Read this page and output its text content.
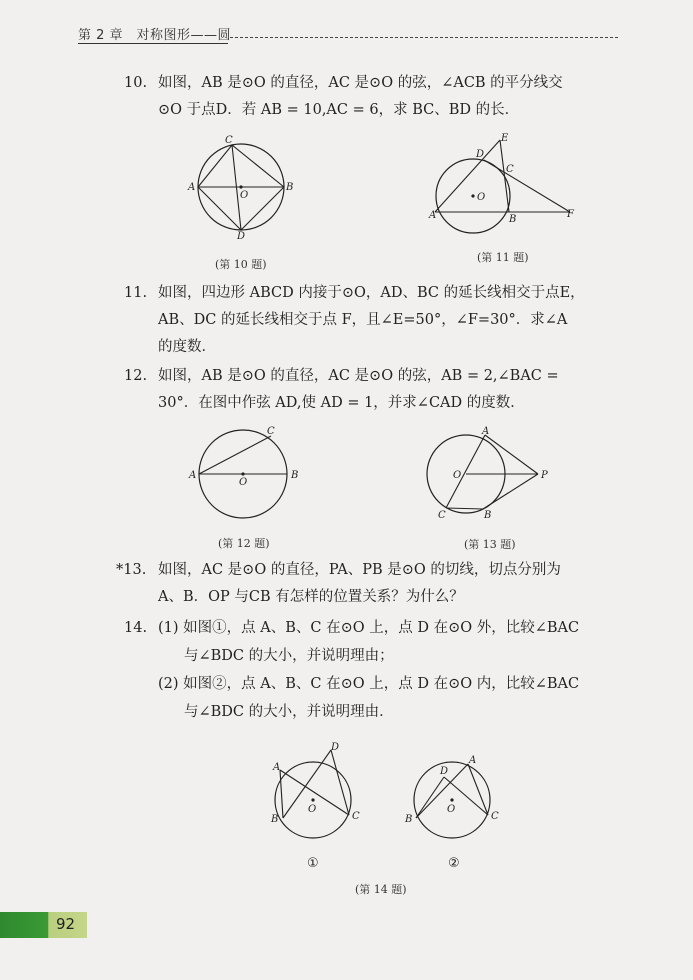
第 2 章　对称图形——圆
10. 如图，AB 是⊙O 的直径，AC 是⊙O 的弦，∠ACB 的平分线交
⊙O 于点D．若 AB = 10,AC = 6，求 BC、BD 的长．
C
A
O
B
D
(第 10 题)
E
D
C
O
A	B	F
(第 11 题)
11. 如图，四边形 ABCD 内接于⊙O，AD、BC 的延长线相交于点E，
AB、DC 的延长线相交于点 F，且∠E=50°，∠F=30°．求∠A
的度数．
12. 如图，AB 是⊙O 的直径，AC 是⊙O 的弦，AB = 2,∠BAC =
30°．在图中作弦 AD,使 AD = 1，并求∠CAD 的度数．
C
A
O
B
(第 12 题)
A
O	P
C	B
(第 13 题)
*13. 如图，AC 是⊙O 的直径，PA、PB 是⊙O 的切线，切点分别为
A、B．OP 与CB 有怎样的位置关系？为什么？
14. (1) 如图①，点 A、B、C 在⊙O 上，点 D 在⊙O 外，比较∠BAC
与∠BDC 的大小，并说明理由；
(2) 如图②，点 A、B、C 在⊙O 上，点 D 在⊙O 内，比较∠BAC
与∠BDC 的大小，并说明理由．
D
A
O
B	C
①
D
A
O
B	C
②
(第 14 题)
92
